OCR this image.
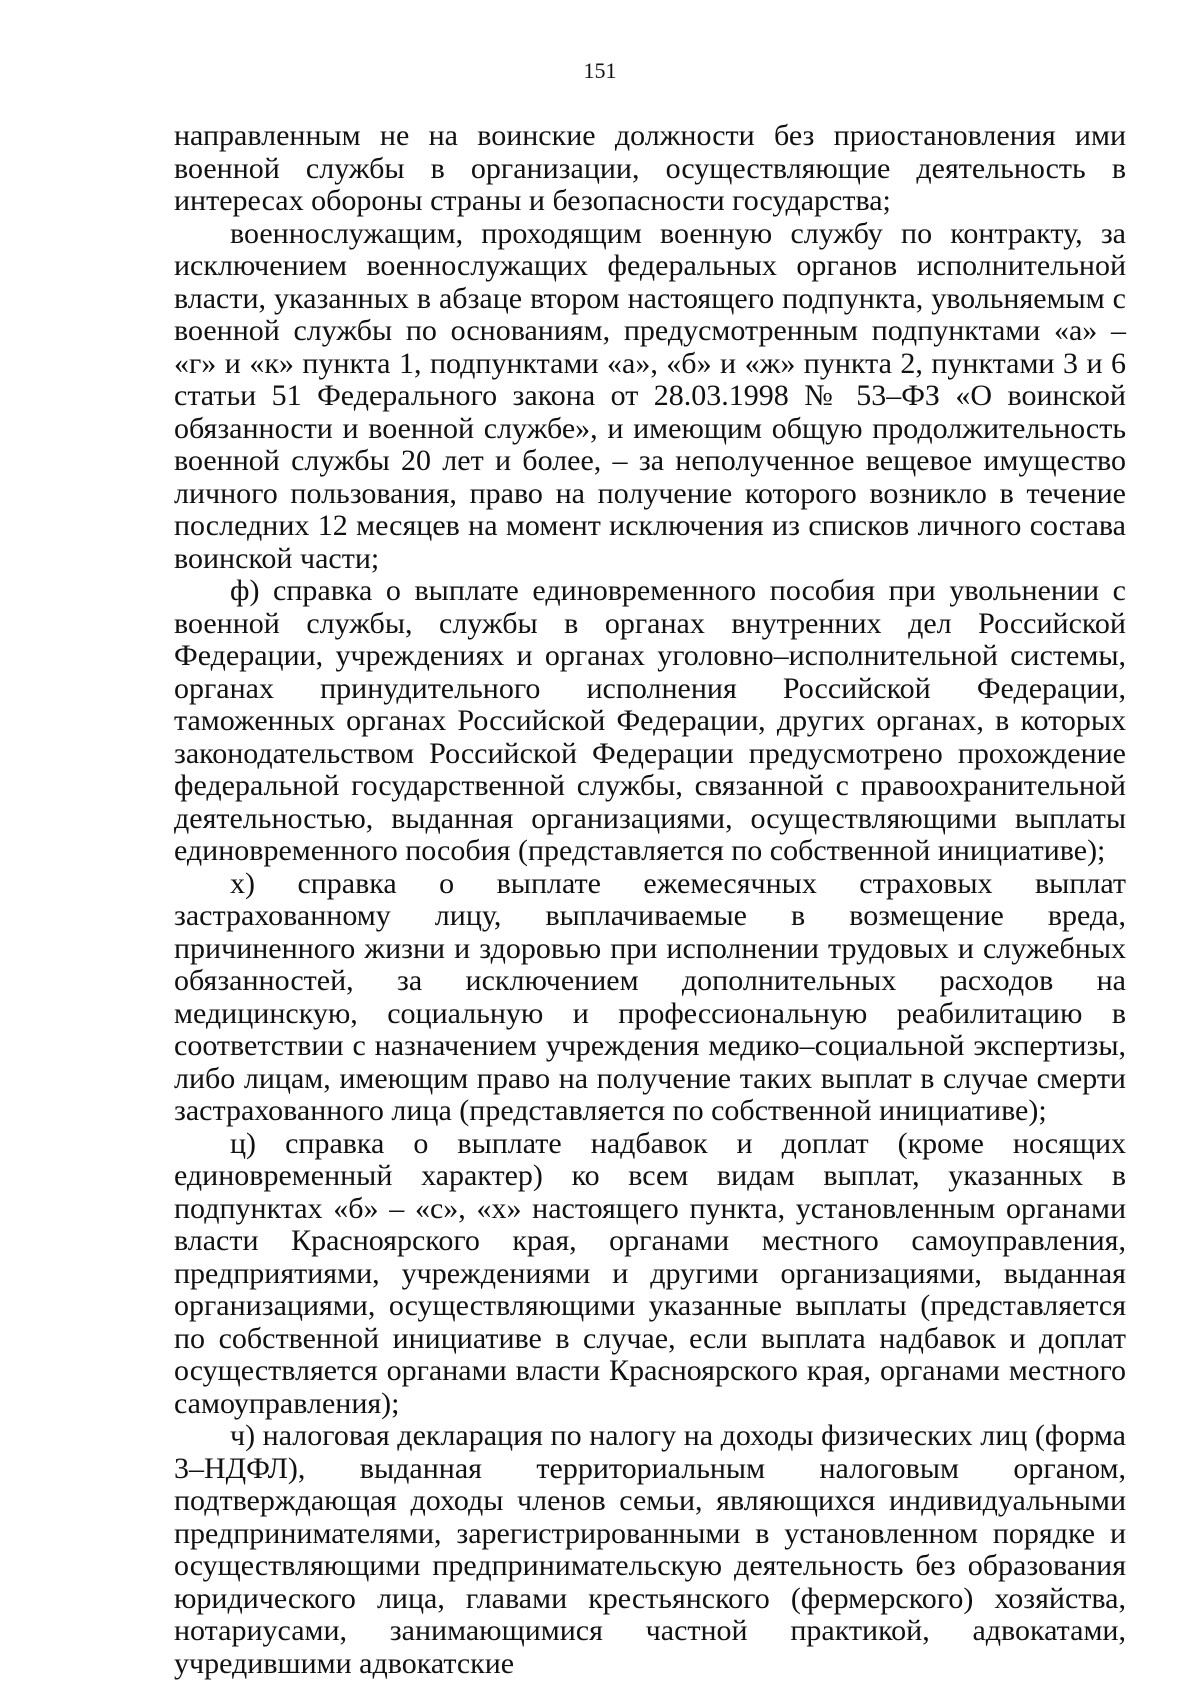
151

направленным не на воинские должности без приостановления ими военной службы в организации, осуществляющие деятельность в интересах обороны страны и безопасности государства;

военнослужащим, проходящим военную службу по контракту, за исключением военнослужащих федеральных органов исполнительной власти, указанных в абзаце втором настоящего подпункта, увольняемым с военной службы по основаниям, предусмотренным подпунктами «а» – «г» и «к» пункта 1, подпунктами «а», «б» и «ж» пункта 2, пунктами 3 и 6 статьи 51 Федерального закона от 28.03.1998 № 53–ФЗ «О воинской обязанности и военной службе», и имеющим общую продолжительность военной службы 20 лет и более, – за неполученное вещевое имущество личного пользования, право на получение которого возникло в течение последних 12 месяцев на момент исключения из списков личного состава воинской части;

ф) справка о выплате единовременного пособия при увольнении с военной службы, службы в органах внутренних дел Российской Федерации, учреждениях и органах уголовно–исполнительной системы, органах принудительного исполнения Российской Федерации, таможенных органах Российской Федерации, других органах, в которых законодательством Российской Федерации предусмотрено прохождение федеральной государственной службы, связанной с правоохранительной деятельностью, выданная организациями, осуществляющими выплаты единовременного пособия (представляется по собственной инициативе);

х) справка о выплате ежемесячных страховых выплат застрахованному лицу, выплачиваемые в возмещение вреда, причиненного жизни и здоровью при исполнении трудовых и служебных обязанностей, за исключением дополнительных расходов на медицинскую, социальную и профессиональную реабилитацию в соответствии с назначением учреждения медико–социальной экспертизы, либо лицам, имеющим право на получение таких выплат в случае смерти застрахованного лица (представляется по собственной инициативе);

ц) справка о выплате надбавок и доплат (кроме носящих единовременный характер) ко всем видам выплат, указанных в подпунктах «б» – «с», «х» настоящего пункта, установленным органами власти Красноярского края, органами местного самоуправления, предприятиями, учреждениями и другими организациями, выданная организациями, осуществляющими указанные выплаты (представляется по собственной инициативе в случае, если выплата надбавок и доплат осуществляется органами власти Красноярского края, органами местного самоуправления);

ч) налоговая декларация по налогу на доходы физических лиц (форма 3–НДФЛ), выданная территориальным налоговым органом, подтверждающая доходы членов семьи, являющихся индивидуальными предпринимателями, зарегистрированными в установленном порядке и осуществляющими предпринимательскую деятельность без образования юридического лица, главами крестьянского (фермерского) хозяйства, нотариусами, занимающимися частной практикой, адвокатами, учредившими адвокатские
